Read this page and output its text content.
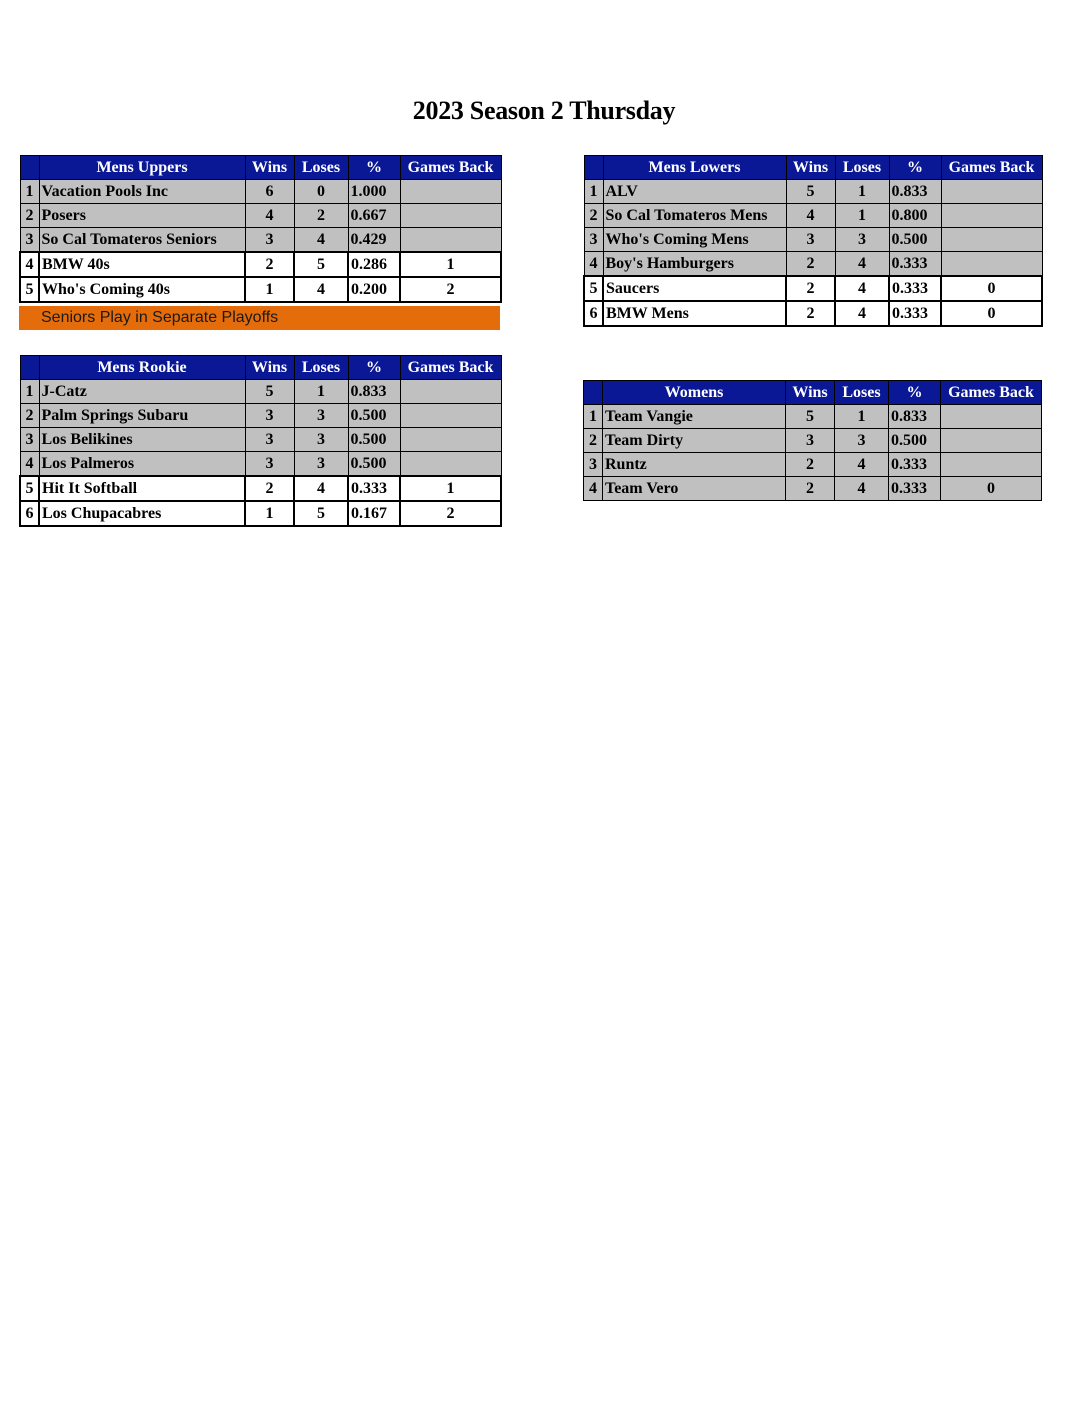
2023 Season 2 Thursday
	Mens Uppers	Wins	Loses	%	Games Back
1	Vacation Pools Inc	6	0	1.000	
2	Posers	4	2	0.667	
3	So Cal Tomateros Seniors	3	4	0.429	
4	BMW 40s	2	5	0.286	1
5	Who's Coming 40s	1	4	0.200	2
Seniors Play in Separate Playoffs
	Mens Lowers	Wins	Loses	%	Games Back
1	ALV	5	1	0.833	
2	So Cal Tomateros Mens	4	1	0.800	
3	Who's Coming Mens	3	3	0.500	
4	Boy's Hamburgers	2	4	0.333	
5	Saucers	2	4	0.333	0
6	BMW Mens	2	4	0.333	0
	Mens Rookie	Wins	Loses	%	Games Back
1	J-Catz	5	1	0.833	
2	Palm Springs Subaru	3	3	0.500	
3	Los Belikines	3	3	0.500	
4	Los Palmeros	3	3	0.500	
5	Hit It Softball	2	4	0.333	1
6	Los Chupacabres	1	5	0.167	2
	Womens	Wins	Loses	%	Games Back
1	Team Vangie	5	1	0.833	
2	Team Dirty	3	3	0.500	
3	Runtz	2	4	0.333	
4	Team Vero	2	4	0.333	0
